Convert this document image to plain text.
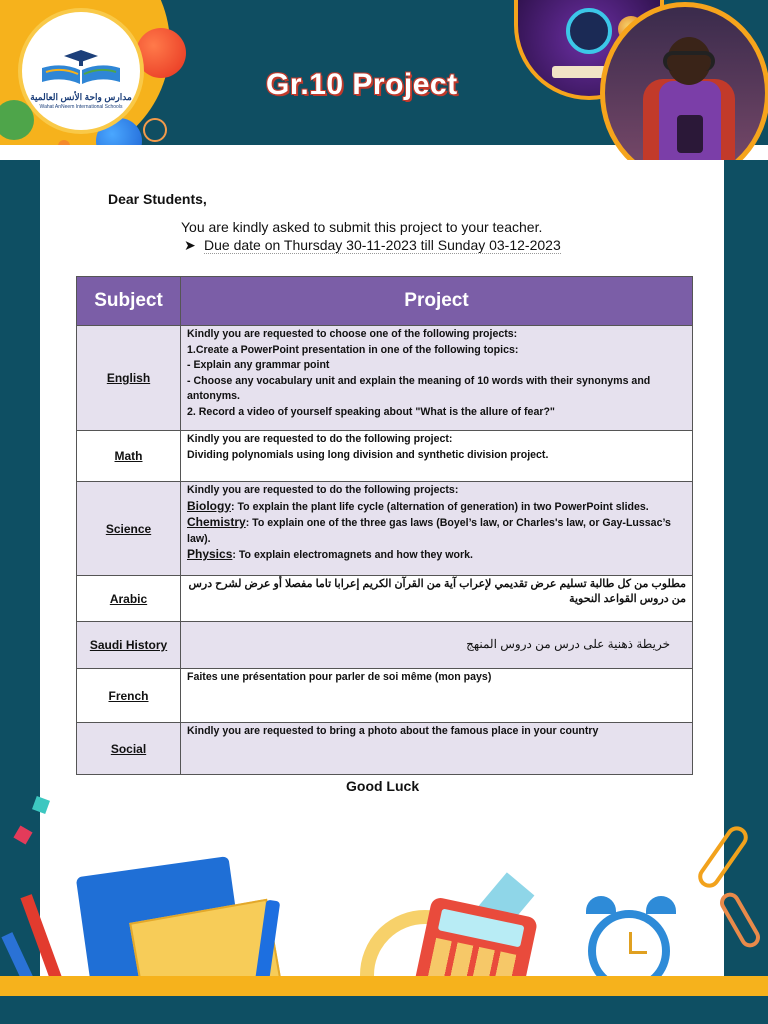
مدارس واحة الأنس العالمية
Wahat AnNeem International Schools
Gr.10 Project
Dear Students,
You are kindly asked to submit this project to your teacher.
➤ Due date on Thursday 30-11-2023 till Sunday 03-12-2023
Subject	Project
English	Kindly you are requested to choose one of the following projects:
1.Create a PowerPoint presentation in one of the following topics:
- Explain any grammar point
- Choose any vocabulary unit and explain the meaning of 10 words with their synonyms and antonyms.
2. Record a video of yourself speaking about "What is the allure of fear?"

Math	Kindly you are requested to do the following project:
Dividing polynomials using long division and synthetic division project.

Science	Kindly you are requested to do the following projects:
Biology: To explain the plant life cycle (alternation of generation) in two PowerPoint slides.
Chemistry: To explain one of the three gas laws (Boyel’s law, or Charles's law, or Gay-Lussac’s law).
Physics: To explain electromagnets and how they work.

Arabic	مطلوب من كل طالبة تسليم عرض تقديمي لإعراب آية من القرآن الكريم إعرابا تاما مفصلا أو عرض لشرح درس من دروس القواعد النحوية

Saudi History	خريطة ذهنية على درس من دروس المنهج

French	Faites une présentation pour parler de soi même (mon pays)

Social	Kindly you are requested to bring a photo about the famous place in your country
Good Luck
